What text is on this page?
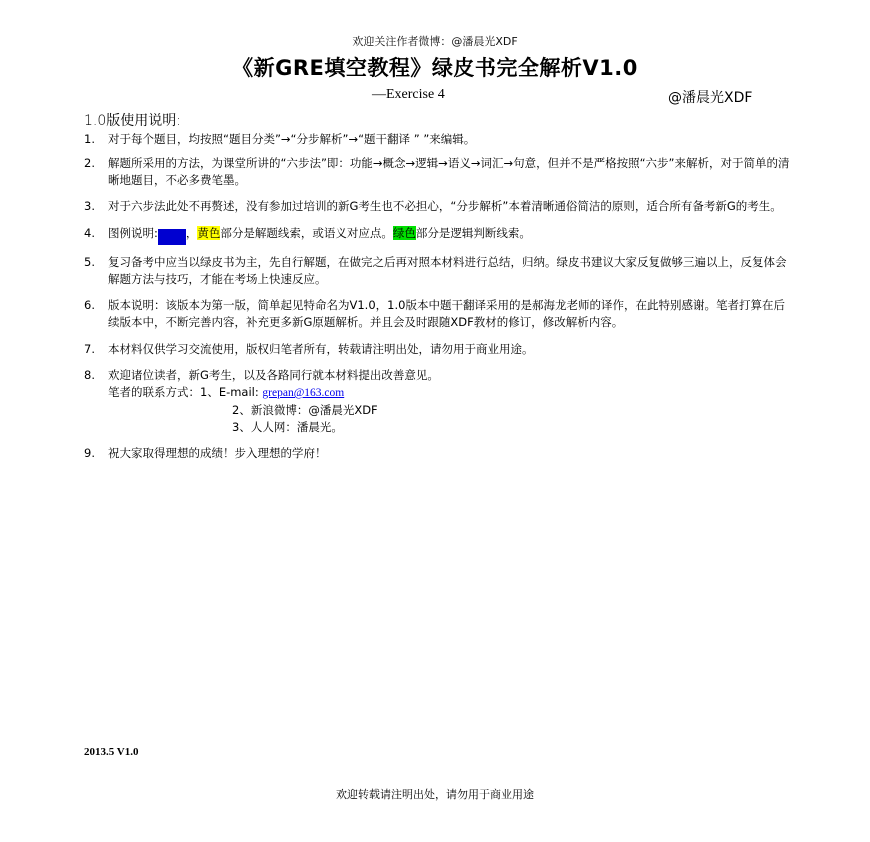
欢迎关注作者微博：@潘晨光XDF
《新GRE填空教程》绿皮书完全解析V1.0
—Exercise 4	@潘晨光XDF
1.0版使用说明:
1. 对于每个题目，均按照“题目分类”→“分步解析”→“题干翻译 ” ”来编辑。
2. 解题所采用的方法，为课堂所讲的“六步法”即：功能→概念→逻辑→语义→词汇→句意，但并不是严格按照“六步”来解析，对于简单的清晰地题目，不必多费笔墨。
3. 对于六步法此处不再赘述，没有参加过培训的新G考生也不必担心，“分步解析”本着清晰通俗简洁的原则，适合所有备考新G的考生。
4. 图例说明:蓝色 ，黄色部分是解题线索，或语义对应点。绿色部分是逻辑判断线索。
5. 复习备考中应当以绿皮书为主，先自行解题，在做完之后再对照本材料进行总结，归纳。绿皮书建议大家反复做够三遍以上，反复体会解题方法与技巧，才能在考场上快速反应。
6. 版本说明：该版本为第一版，简单起见特命名为V1.0，1.0版本中题干翻译采用的是郝海龙老师的译作，在此特别感谢。笔者打算在后续版本中，不断完善内容，补充更多新G原题解析。并且会及时跟随XDF教材的修订，修改解析内容。
7. 本材料仅供学习交流使用，版权归笔者所有，转载请注明出处，请勿用于商业用途。
8. 欢迎诸位读者，新G考生，以及各路同行就本材料提出改善意见。
笔者的联系方式：1、E-mail: grepan@163.com
2、新浪微博：@潘晨光XDF
3、人人网：潘晨光。
9. 祝大家取得理想的成绩！步入理想的学府！
2013.5 V1.0
欢迎转载请注明出处，请勿用于商业用途
